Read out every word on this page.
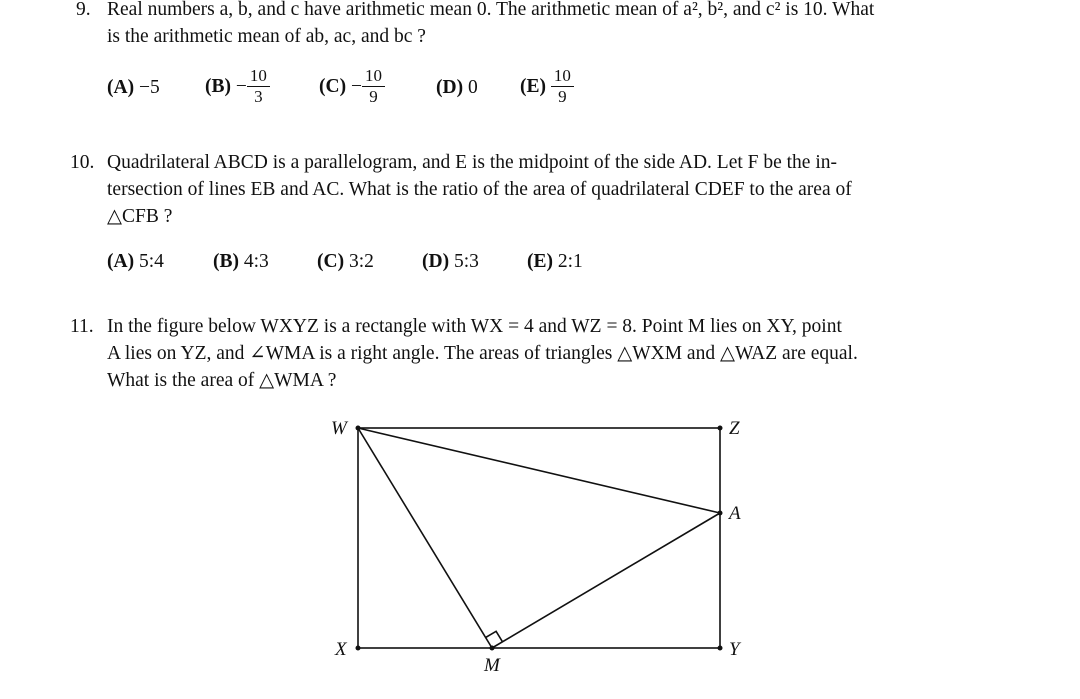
9. Real numbers a, b, and c have arithmetic mean 0. The arithmetic mean of a², b², and c² is 10. What
is the arithmetic mean of ab, ac, and bc ?
(A) −5 $(B) - \frac{10}{3}$	$(C) - \frac{10}{9}$	(D) 0 $(E) \frac{10}{9}$
10. Quadrilateral ABCD is a parallelogram, and E is the midpoint of the side AD. Let F be the in-
tersection of lines EB and AC. What is the ratio of the area of quadrilateral CDEF to the area of
△CFB ?
(A) 5:4	(B) 4:3 (C) 3:2 (D) 5:3 (E) 2:1
11. In the figure below WXYZ is a rectangle with WX = 4 and WZ = 8. Point M lies on XY, point
A lies on YZ, and ∠WMA is a right angle. The areas of triangles △WXM and △WAZ are equal.
What is the area of △WMA ?
W	Z
A
X	Y
M
